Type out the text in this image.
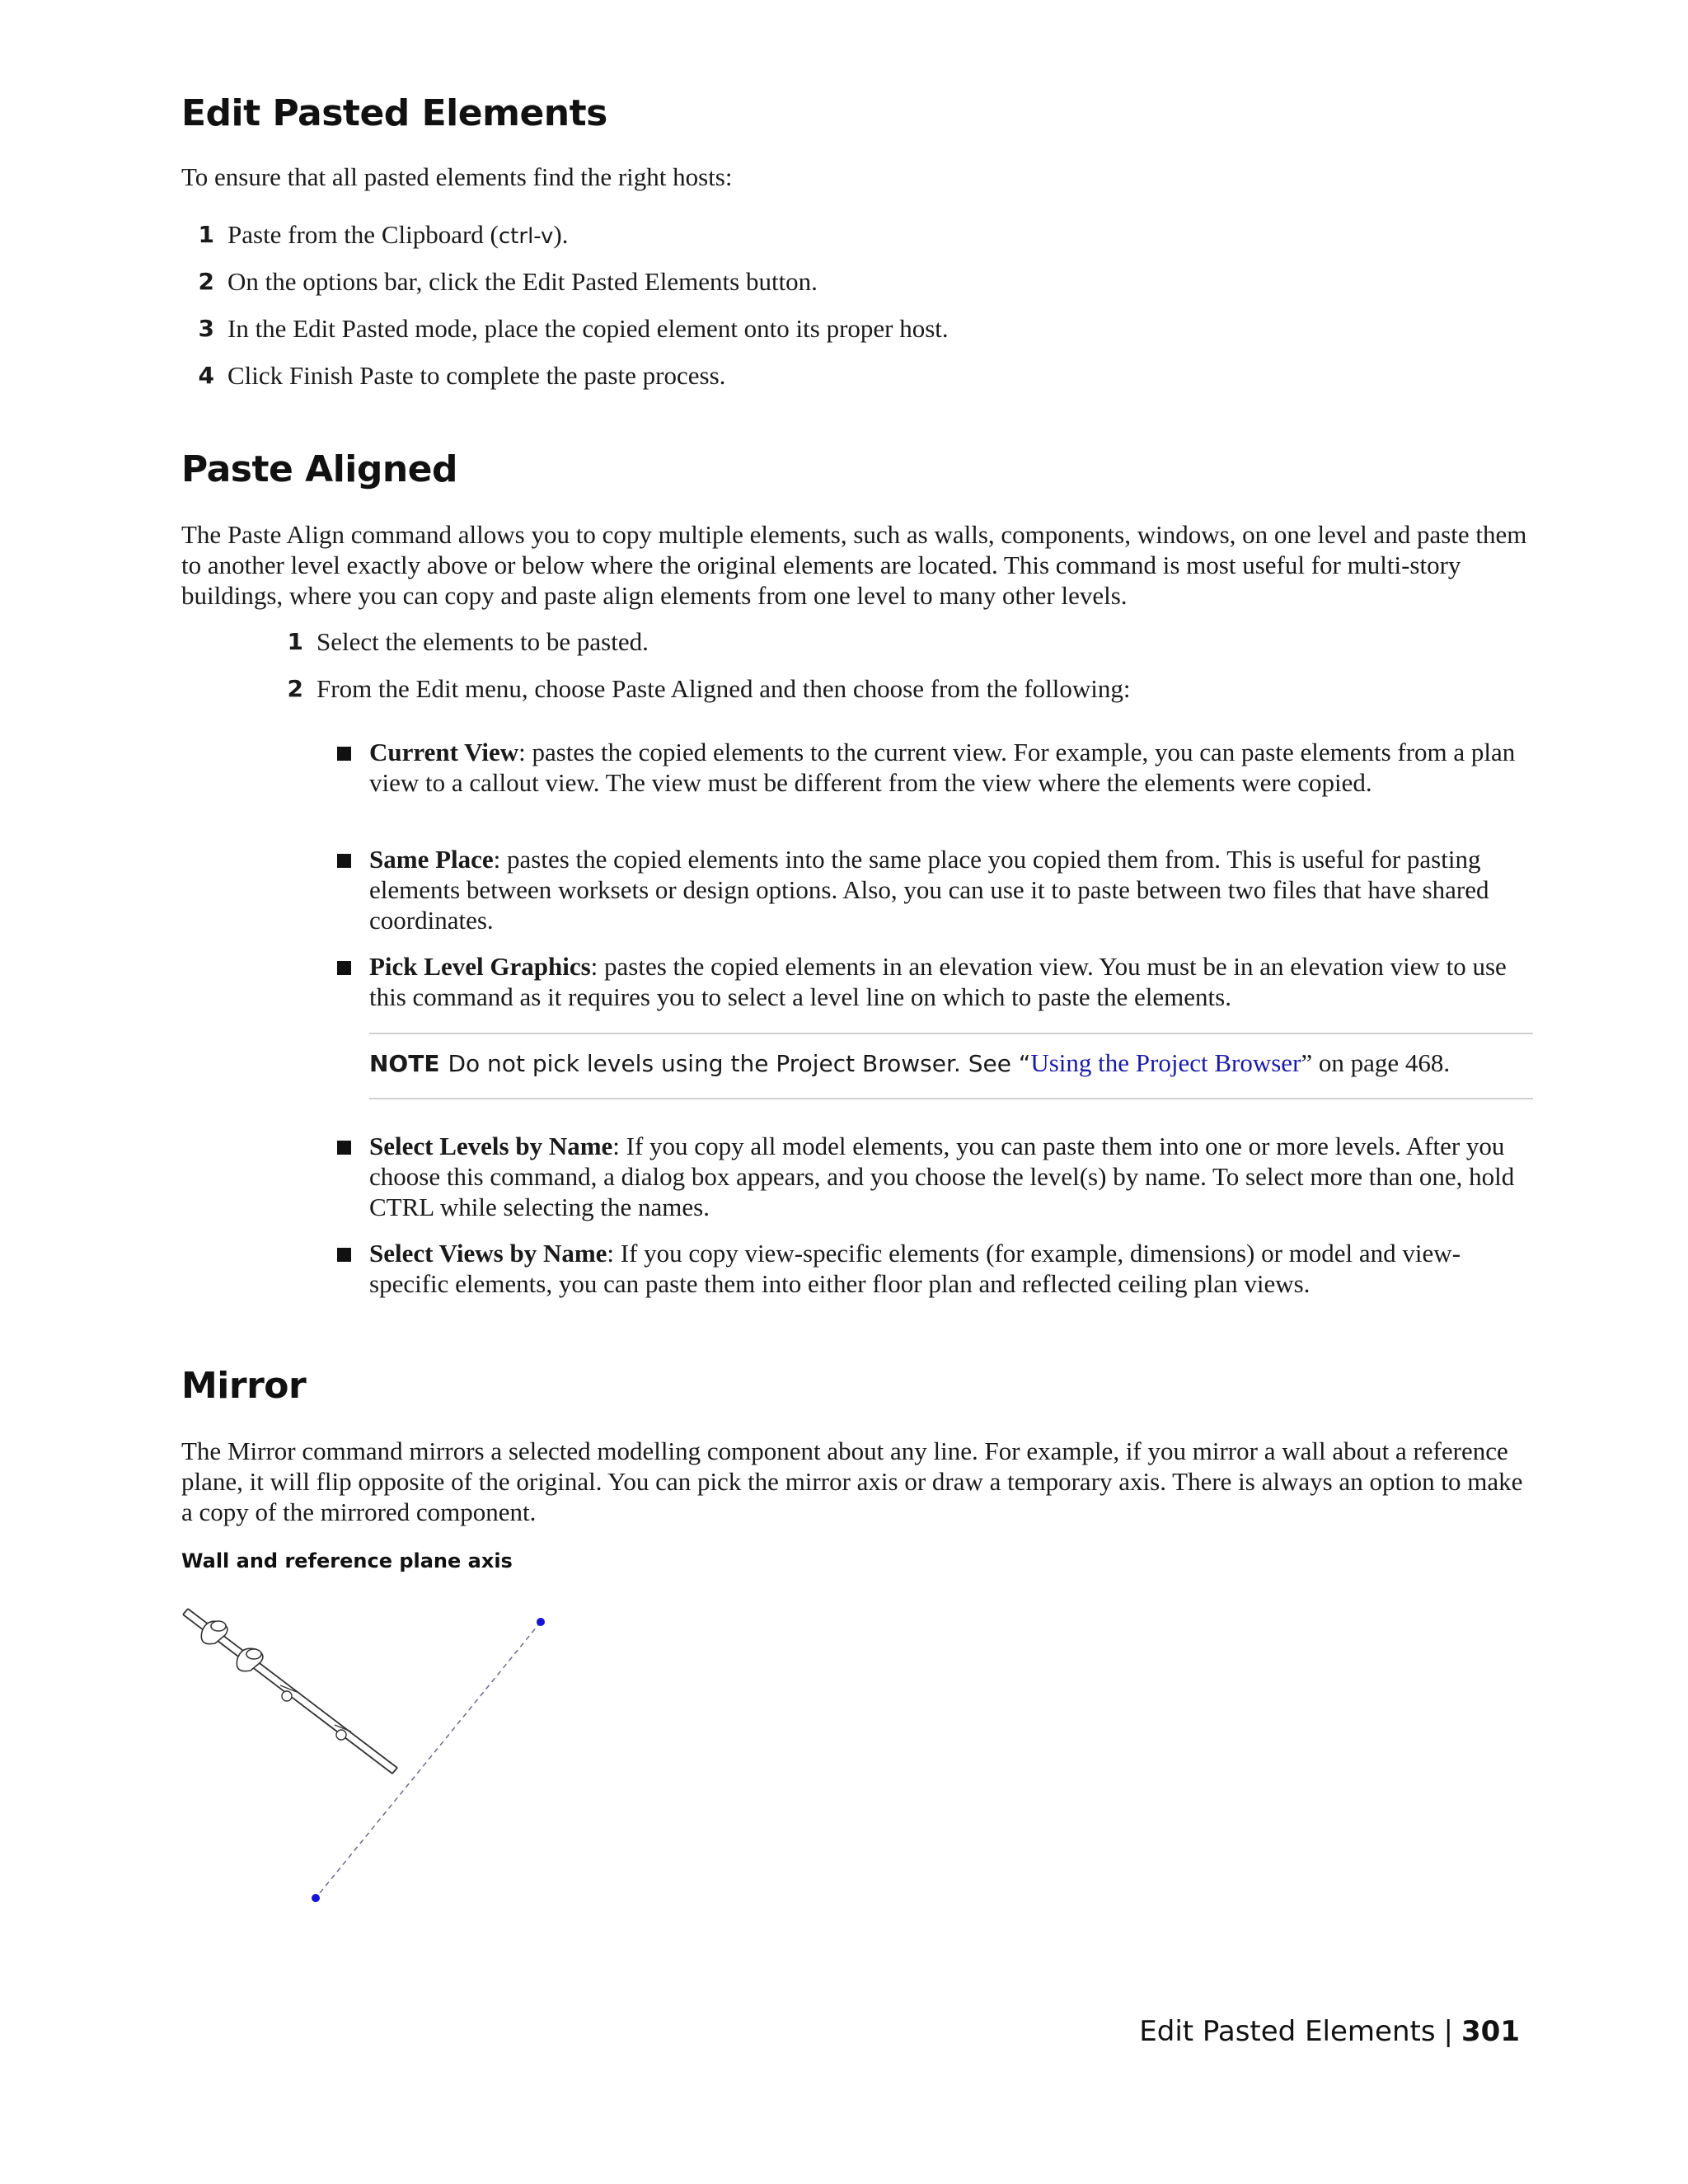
Edit Pasted Elements

To ensure that all pasted elements find the right hosts:

1 Paste from the Clipboard (ctrl-v).
2 On the options bar, click the Edit Pasted Elements button.
3 In the Edit Pasted mode, place the copied element onto its proper host.
4 Click Finish Paste to complete the paste process.
Paste Aligned

The Paste Align command allows you to copy multiple elements, such as walls, components, windows, on one level and paste them to another level exactly above or below where the original elements are located. This command is most useful for multi-story buildings, where you can copy and paste align elements from one level to many other levels.

1 Select the elements to be pasted.
2 From the Edit menu, choose Paste Aligned and then choose from the following:
Current View: pastes the copied elements to the current view. For example, you can paste elements from a plan view to a callout view. The view must be different from the view where the elements were copied.
Same Place: pastes the copied elements into the same place you copied them from. This is useful for pasting elements between worksets or design options. Also, you can use it to paste between two files that have shared coordinates.
Pick Level Graphics: pastes the copied elements in an elevation view. You must be in an elevation view to use this command as it requires you to select a level line on which to paste the elements.
NOTE Do not pick levels using the Project Browser. See “Using the Project Browser” on page 468.
Select Levels by Name: If you copy all model elements, you can paste them into one or more levels. After you choose this command, a dialog box appears, and you choose the level(s) by name. To select more than one, hold CTRL while selecting the names.
Select Views by Name: If you copy view-specific elements (for example, dimensions) or model and view-specific elements, you can paste them into either floor plan and reflected ceiling plan views.
Mirror

The Mirror command mirrors a selected modelling component about any line. For example, if you mirror a wall about a reference plane, it will flip opposite of the original. You can pick the mirror axis or draw a temporary axis. There is always an option to make a copy of the mirrored component.

Wall and reference plane axis
Edit Pasted Elements | 301
